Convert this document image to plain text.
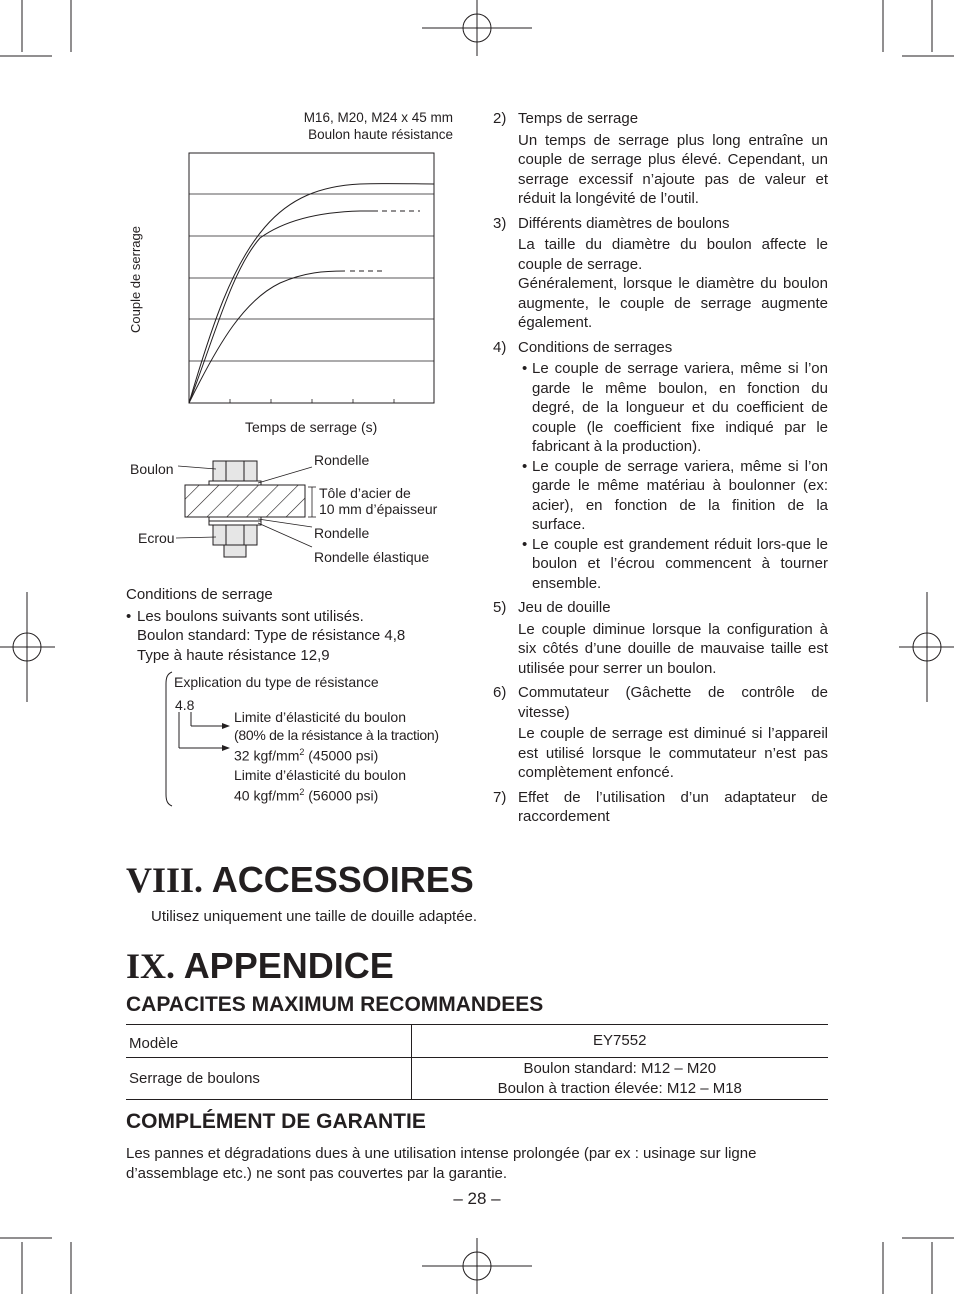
M16, M20, M24 x 45 mm
Boulon haute résistance
Couple de serrage
Temps de serrage (s)
Boulon
Ecrou
Rondelle
Tôle d’acier de
10 mm d’épaisseur
Rondelle
Rondelle élastique
Conditions de serrage
• Les boulons suivants sont utilisés.
Boulon standard: Type de résistance 4,8
Type à haute résistance 12,9
Explication du type de résistance
4.8
Limite d’élasticité du boulon
(80% de la résistance à la traction)
32 kgf/$mm^2$ (45000 psi)
Limite d’élasticité du boulon
40 kgf/$mm^2$ (56000 psi)
2) Temps de serrage
Un temps de serrage plus long entraîne un couple de serrage plus élevé. Cependant, un serrage excessif n’ajoute pas de valeur et réduit la longévité de l’outil.
3) Différents diamètres de boulons
La taille du diamètre du boulon affecte le couple de serrage.
Généralement, lorsque le diamètre du boulon augmente, le couple de serrage augmente également.
4) Conditions de serrages
• Le couple de serrage variera, même si l’on garde le même boulon, en fonction du degré, de la longueur et du coefficient de couple (le coefficient fixe indiqué par le fabricant à la production).
• Le couple de serrage variera, même si l’on garde le même matériau à boulonner (ex: acier), en fonction de la finition de la surface.
• Le couple est grandement réduit lors-que le boulon et l’écrou commencent à tourner ensemble.
5) Jeu de douille
Le couple diminue lorsque la configuration à six côtés d’une douille de mauvaise taille est utilisée pour serrer un boulon.
6) Commutateur (Gâchette de contrôle de vitesse)
Le couple de serrage est diminué si l’appareil est utilisé lorsque le commutateur n’est pas complètement enfoncé.
7) Effet de l’utilisation d’un adaptateur de raccordement
VIII. ACCESSOIRES
Utilisez uniquement une taille de douille adaptée.
IX. APPENDICE
CAPACITES MAXIMUM RECOMMANDEES
Modèle	EY7552
Serrage de boulons	Boulon standard: M12 – M20
Boulon à traction élevée: M12 – M18
COMPLÉMENT DE GARANTIE
Les pannes et dégradations dues à une utilisation intense prolongée (par ex : usinage sur ligne d’assemblage etc.) ne sont pas couvertes par la garantie.
– 28 –
